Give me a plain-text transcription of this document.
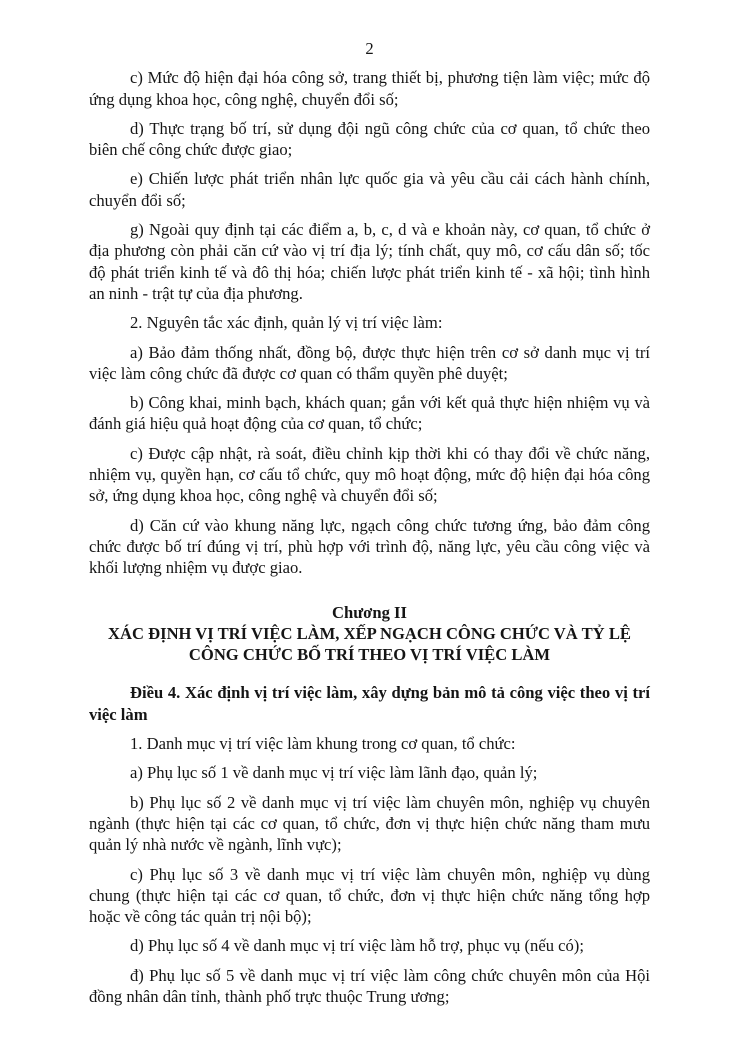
2

c) Mức độ hiện đại hóa công sở, trang thiết bị, phương tiện làm việc; mức độ ứng dụng khoa học, công nghệ, chuyển đổi số;

d) Thực trạng bố trí, sử dụng đội ngũ công chức của cơ quan, tổ chức theo biên chế công chức được giao;

e) Chiến lược phát triển nhân lực quốc gia và yêu cầu cải cách hành chính, chuyển đổi số;

g) Ngoài quy định tại các điểm a, b, c, d và e khoản này, cơ quan, tổ chức ở địa phương còn phải căn cứ vào vị trí địa lý; tính chất, quy mô, cơ cấu dân số; tốc độ phát triển kinh tế và đô thị hóa; chiến lược phát triển kinh tế - xã hội; tình hình an ninh - trật tự của địa phương.

2. Nguyên tắc xác định, quản lý vị trí việc làm:

a) Bảo đảm thống nhất, đồng bộ, được thực hiện trên cơ sở danh mục vị trí việc làm công chức đã được cơ quan có thẩm quyền phê duyệt;

b) Công khai, minh bạch, khách quan; gắn với kết quả thực hiện nhiệm vụ và đánh giá hiệu quả hoạt động của cơ quan, tổ chức;

c) Được cập nhật, rà soát, điều chỉnh kịp thời khi có thay đổi về chức năng, nhiệm vụ, quyền hạn, cơ cấu tổ chức, quy mô hoạt động, mức độ hiện đại hóa công sở, ứng dụng khoa học, công nghệ và chuyển đổi số;

d) Căn cứ vào khung năng lực, ngạch công chức tương ứng, bảo đảm công chức được bố trí đúng vị trí, phù hợp với trình độ, năng lực, yêu cầu công việc và khối lượng nhiệm vụ được giao.

Chương II

XÁC ĐỊNH VỊ TRÍ VIỆC LÀM, XẾP NGẠCH CÔNG CHỨC VÀ TỶ LỆ CÔNG CHỨC BỐ TRÍ THEO VỊ TRÍ VIỆC LÀM

Điều 4. Xác định vị trí việc làm, xây dựng bản mô tả công việc theo vị trí việc làm

1. Danh mục vị trí việc làm khung trong cơ quan, tổ chức:

a) Phụ lục số 1 về danh mục vị trí việc làm lãnh đạo, quản lý;

b) Phụ lục số 2 về danh mục vị trí việc làm chuyên môn, nghiệp vụ chuyên ngành (thực hiện tại các cơ quan, tổ chức, đơn vị thực hiện chức năng tham mưu quản lý nhà nước về ngành, lĩnh vực);

c) Phụ lục số 3 về danh mục vị trí việc làm chuyên môn, nghiệp vụ dùng chung (thực hiện tại các cơ quan, tổ chức, đơn vị thực hiện chức năng tổng hợp hoặc về công tác quản trị nội bộ);

d) Phụ lục số 4 về danh mục vị trí việc làm hỗ trợ, phục vụ (nếu có);

đ) Phụ lục số 5 về danh mục vị trí việc làm công chức chuyên môn của Hội đồng nhân dân tỉnh, thành phố trực thuộc Trung ương;
